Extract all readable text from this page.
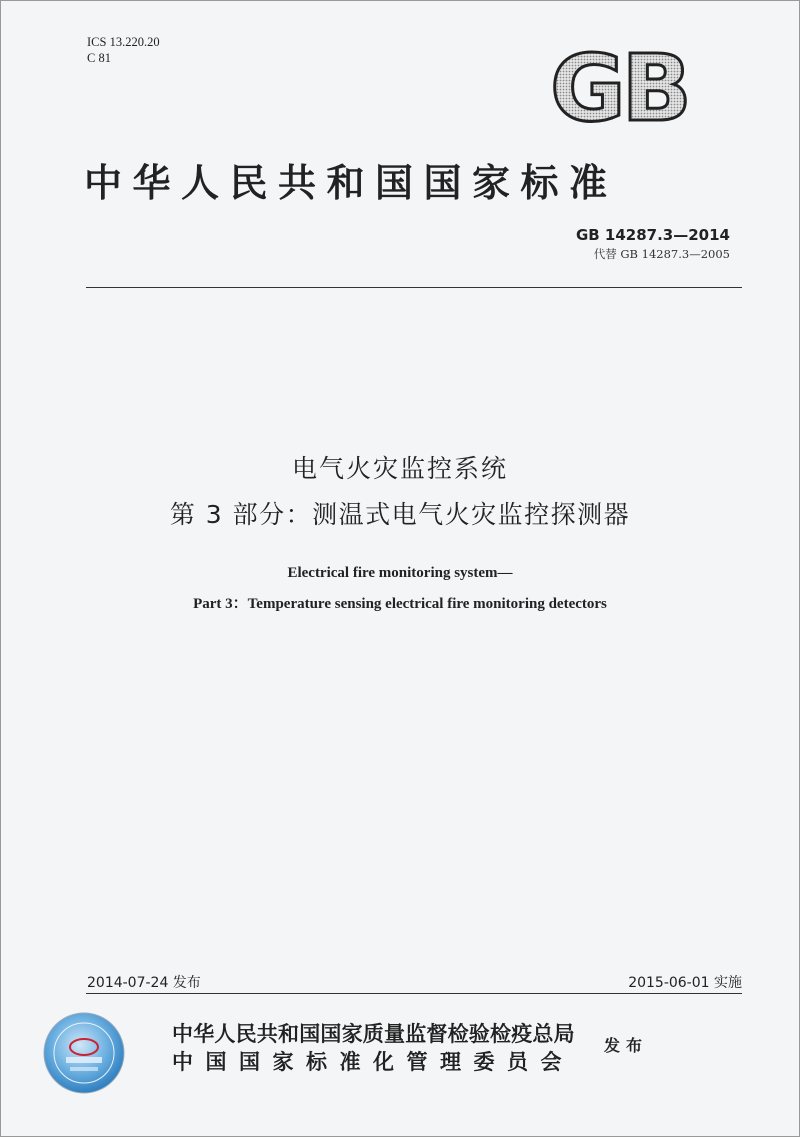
ICS 13.220.20
C 81	GB
中华人民共和国国家标准
GB 14287.3—2014
代替 GB 14287.3—2005
电气火灾监控系统
第 3 部分：测温式电气火灾监控探测器
Electrical fire monitoring system—
Part 3：Temperature sensing electrical fire monitoring detectors
2014-07-24 发布	2015-06-01 实施
中华人民共和国国家质量监督检验检疫总局
中国国家标准化管理委员会
发布
